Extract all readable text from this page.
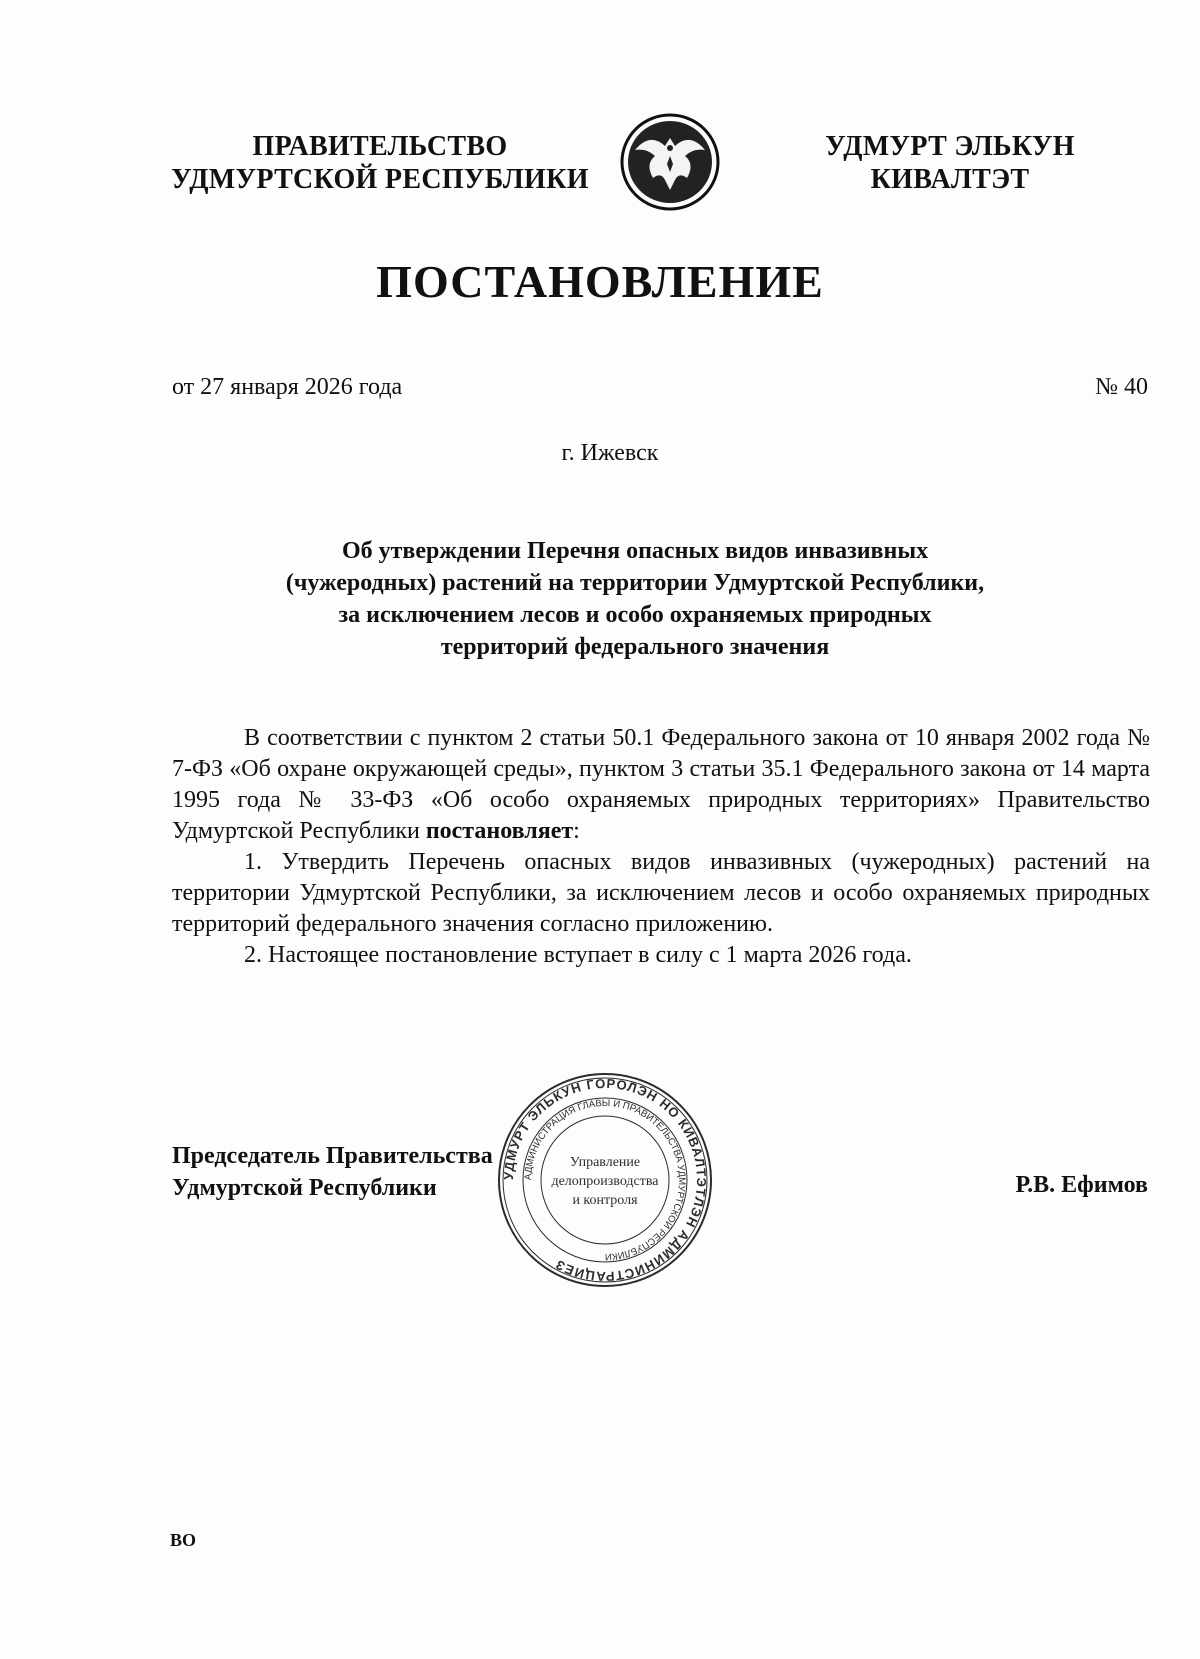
ПРАВИТЕЛЬСТВО
УДМУРТСКОЙ РЕСПУБЛИКИ
УДМУРТ ЭЛЬКУН
КИВАЛТЭТ
ПОСТАНОВЛЕНИЕ
от 27 января 2026 года	№ 40
г. Ижевск
Об утверждении Перечня опасных видов инвазивных
(чужеродных) растений на территории Удмуртской Республики,
за исключением лесов и особо охраняемых природных
территорий федерального значения

В соответствии с пунктом 2 статьи 50.1 Федерального закона от 10 января 2002 года № 7-ФЗ «Об охране окружающей среды», пунктом 3 статьи 35.1 Федерального закона от 14 марта 1995 года № 33-ФЗ «Об особо охраняемых природных территориях» Правительство Удмуртской Республики постановляет:

1. Утвердить Перечень опасных видов инвазивных (чужеродных) растений на территории Удмуртской Республики, за исключением лесов и особо охраняемых природных территорий федерального значения согласно приложению.

2. Настоящее постановление вступает в силу с 1 марта 2026 года.

Председатель Правительства
Удмуртской Республики	УДМУРТ ЭЛЬКУН ГОРОЛЭН НО КИВАЛТЭТЛЭН АДМИНИСТРАЦИЕЗ
АДМИНИСТРАЦИЯ ГЛАВЫ И ПРАВИТЕЛЬСТВА УДМУРТСКОЙ РЕСПУБЛИКИ
Управление
делопроизводства
и контроля
Р.В. Ефимов
ВО
